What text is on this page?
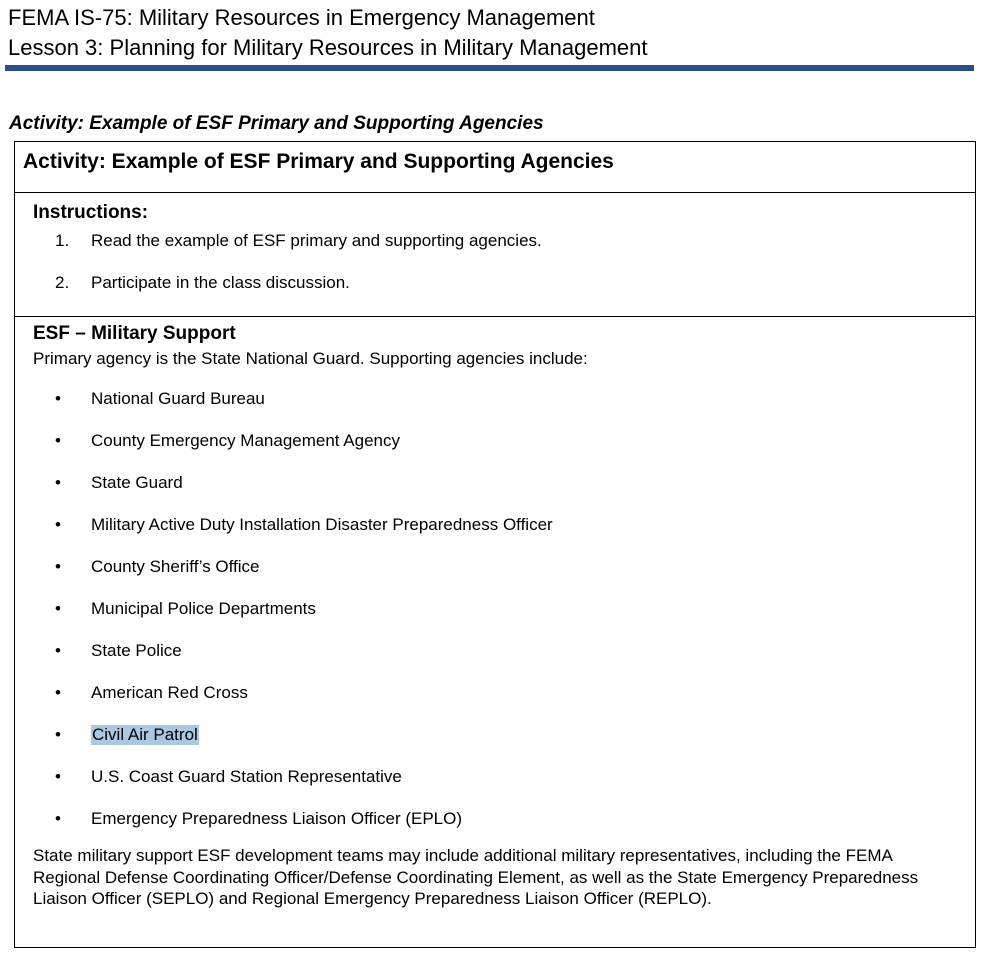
FEMA IS-75: Military Resources in Emergency Management
Lesson 3: Planning for Military Resources in Military Management
Activity: Example of ESF Primary and Supporting Agencies
Activity: Example of ESF Primary and Supporting Agencies
Instructions:
1. Read the example of ESF primary and supporting agencies.
2. Participate in the class discussion.
ESF – Military Support
Primary agency is the State National Guard. Supporting agencies include:
• National Guard Bureau
• County Emergency Management Agency
• State Guard
• Military Active Duty Installation Disaster Preparedness Officer
• County Sheriff’s Office
• Municipal Police Departments
• State Police
• American Red Cross
• Civil Air Patrol
• U.S. Coast Guard Station Representative
• Emergency Preparedness Liaison Officer (EPLO)
State military support ESF development teams may include additional military representatives, including the FEMA Regional Defense Coordinating Officer/Defense Coordinating Element, as well as the State Emergency Preparedness Liaison Officer (SEPLO) and Regional Emergency Preparedness Liaison Officer (REPLO).
